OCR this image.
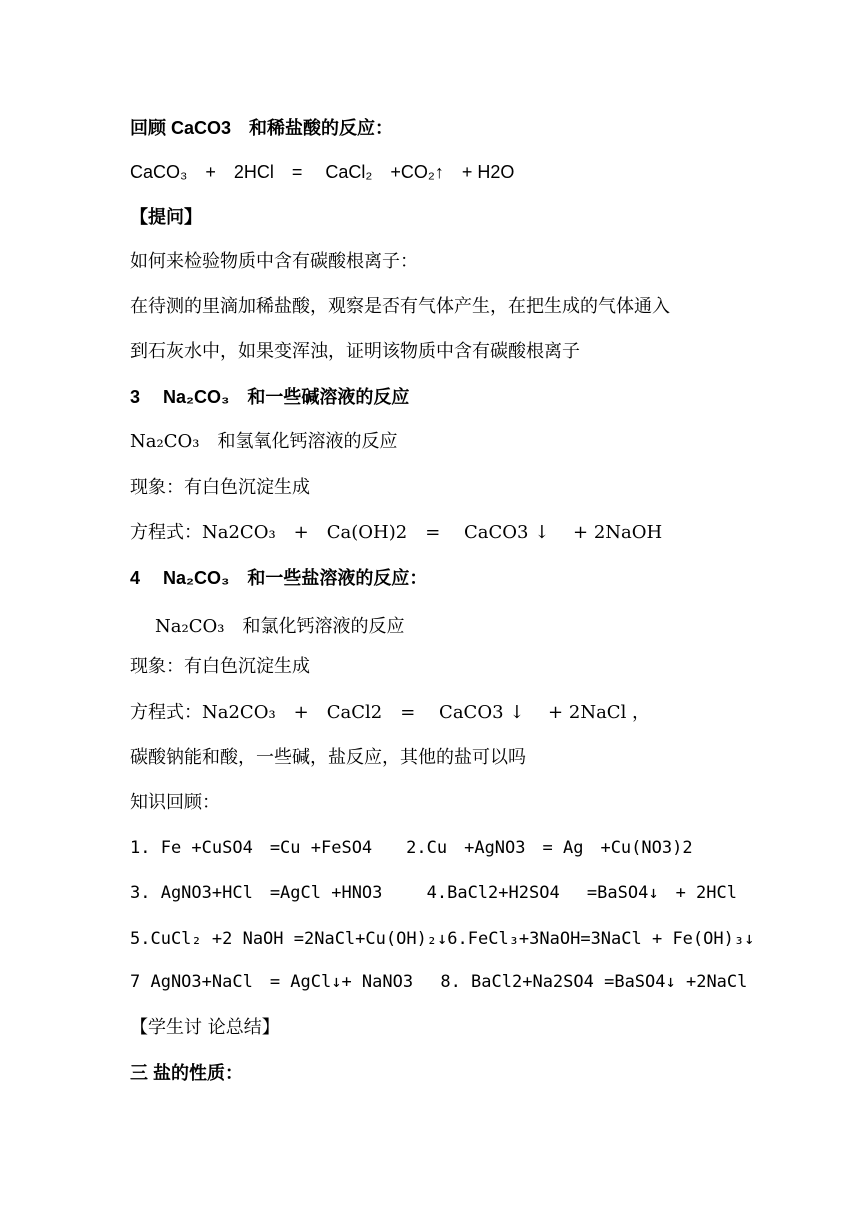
回顾 CaCO3　和稀盐酸的反应：
CaCO₃　+　2HCl　=　 CaCl₂　+CO₂↑　+ H2O
【提问】
如何来检验物质中含有碳酸根离子：
在待测的里滴加稀盐酸，观察是否有气体产生，在把生成的气体通入
到石灰水中，如果变浑浊，证明该物质中含有碳酸根离子
3　 Na₂CO₃　和一些碱溶液的反应
Na₂CO₃　和氢氧化钙溶液的反应
现象：有白色沉淀生成
方程式：Na2CO₃　+　Ca(OH)2　=　 CaCO3 ↓　 + 2NaOH
4　 Na₂CO₃　和一些盐溶液的反应：
Na₂CO₃　和氯化钙溶液的反应
现象：有白色沉淀生成
方程式：Na2CO₃　+　CaCl2　=　 CaCO3 ↓　 + 2NaCl ，
碳酸钠能和酸，一些碱，盐反应，其他的盐可以吗
知识回顾：
1. Fe +CuSO4　=Cu +FeSO4　　2.Cu　+AgNO3　= Ag　+Cu(NO3)2
3. AgNO3+HCl　=AgCl +HNO3　　 4.BaCl2+H2SO4　 =BaSO4↓　+ 2HCl
5.CuCl₂ +2 NaOH =2NaCl+Cu(OH)₂↓6.FeCl₃+3NaOH=3NaCl + Fe(OH)₃↓
7 AgNO3+NaCl　= AgCl↓+ NaNO3　 8. BaCl2+Na2SO4 =BaSO4↓ +2NaCl
【学生讨 论总结】
三 盐的性质：
